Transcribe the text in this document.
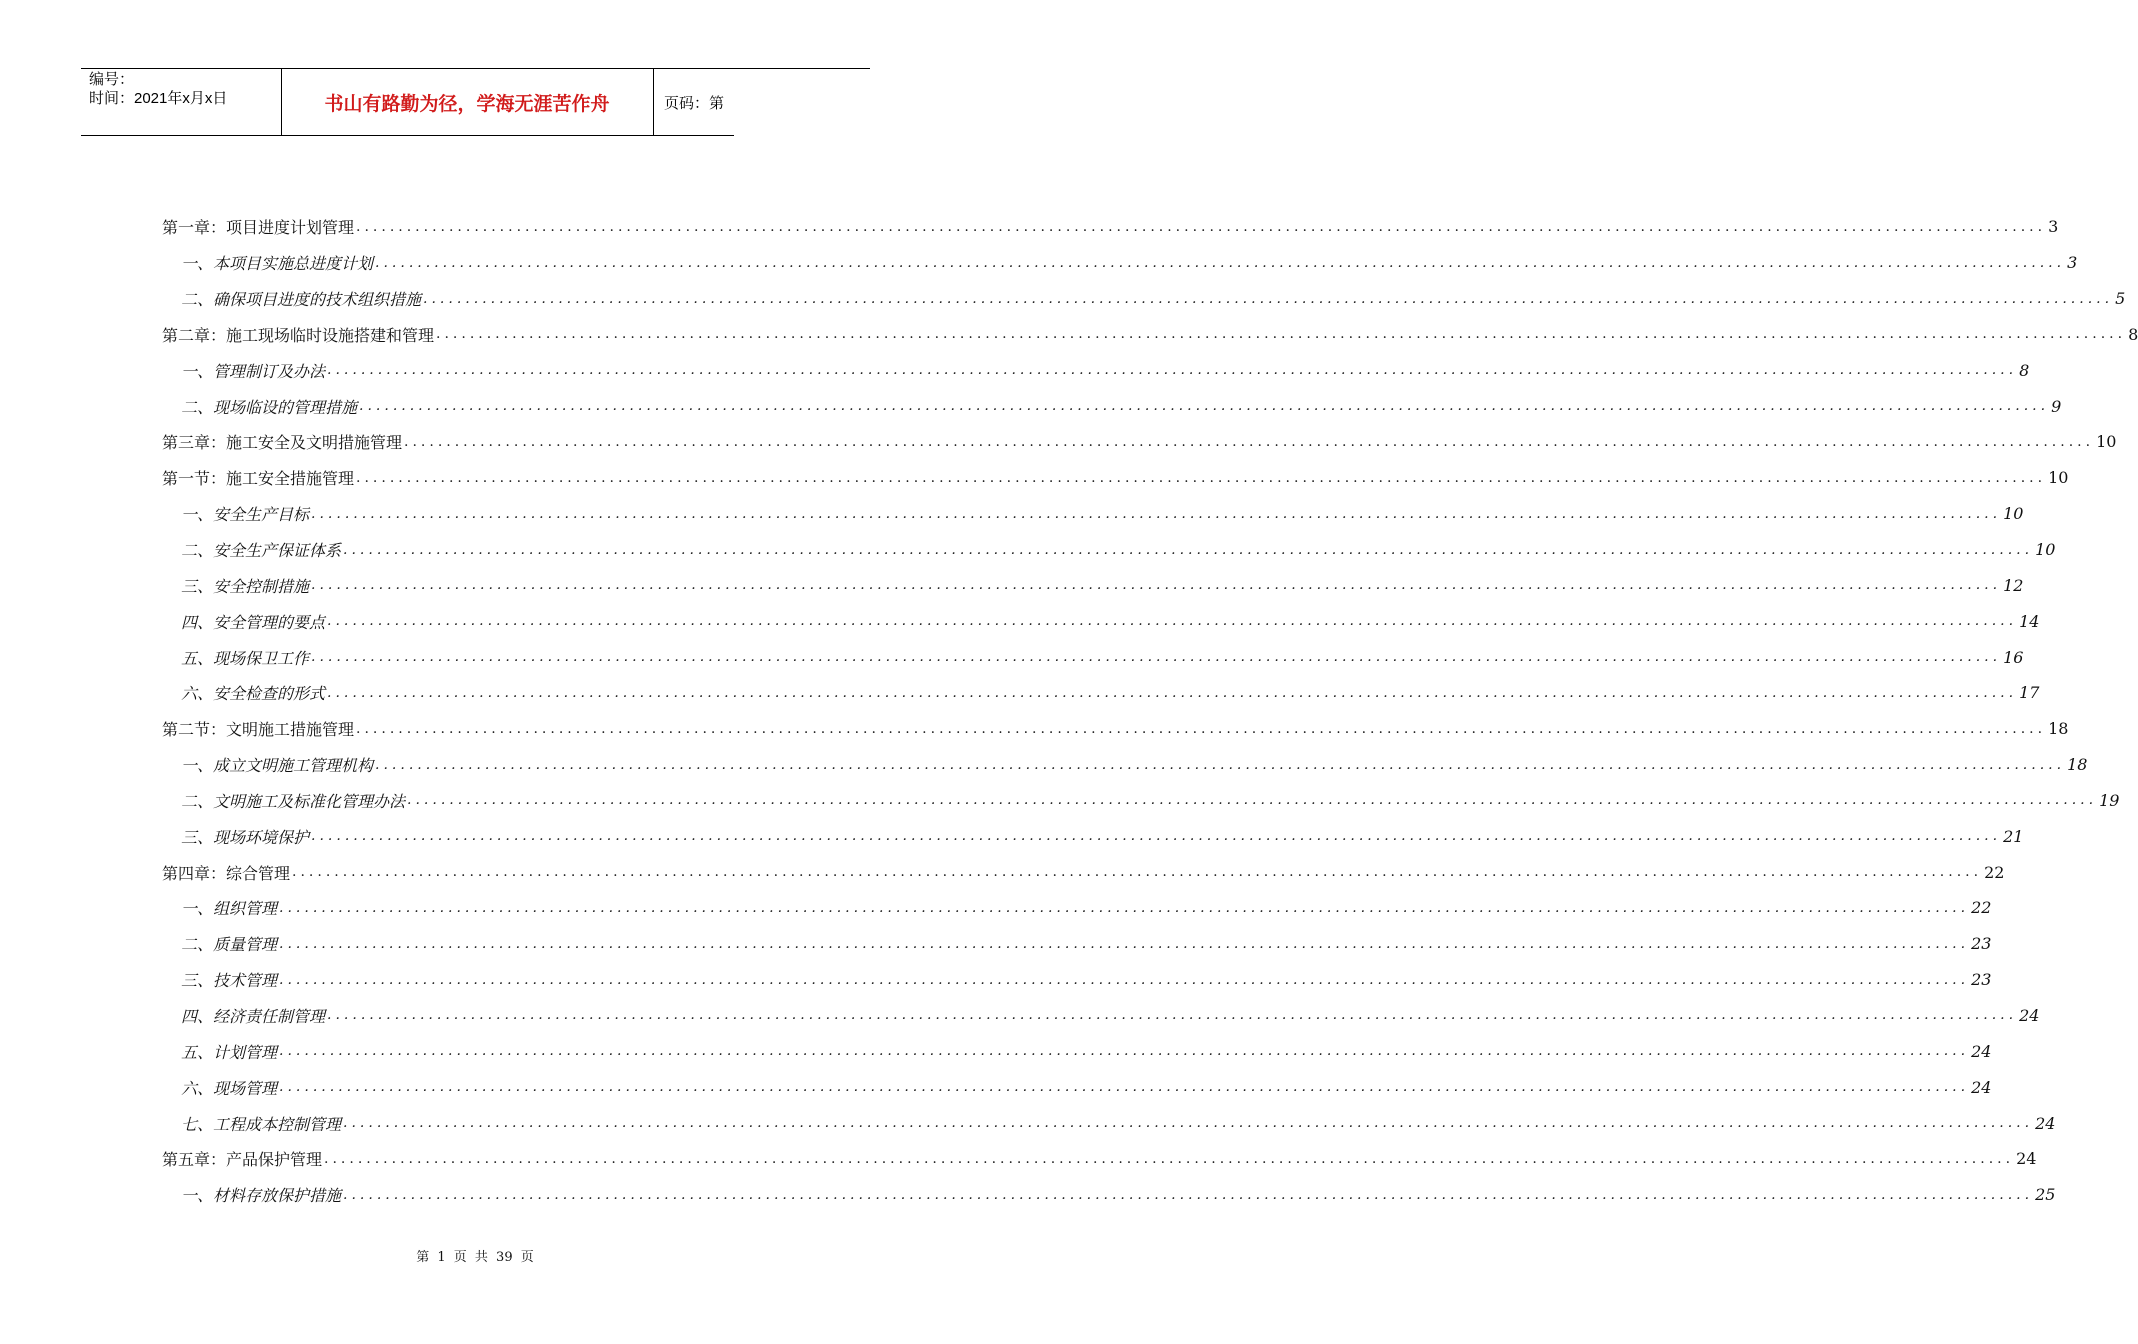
编号：
时间：2021年x月x日	书山有路勤为径，学海无涯苦作舟	页码：第
第一章：项目进度计划管理 ........................................................................................................................................................................................................ 3
一、本项目实施总进度计划 ........................................................................................................................................................................................................ 3
二、确保项目进度的技术组织措施 ........................................................................................................................................................................................................ 5
第二章：施工现场临时设施搭建和管理 ........................................................................................................................................................................................................ 8
一、管理制订及办法 ........................................................................................................................................................................................................ 8
二、现场临设的管理措施 ........................................................................................................................................................................................................ 9
第三章：施工安全及文明措施管理 ........................................................................................................................................................................................................ 10
第一节：施工安全措施管理 ........................................................................................................................................................................................................ 10
一、安全生产目标 ........................................................................................................................................................................................................ 10
二、安全生产保证体系 ........................................................................................................................................................................................................ 10
三、安全控制措施 ........................................................................................................................................................................................................ 12
四、安全管理的要点 ........................................................................................................................................................................................................ 14
五、现场保卫工作 ........................................................................................................................................................................................................ 16
六、安全检查的形式 ........................................................................................................................................................................................................ 17
第二节：文明施工措施管理 ........................................................................................................................................................................................................ 18
一、成立文明施工管理机构 ........................................................................................................................................................................................................ 18
二、文明施工及标准化管理办法 ........................................................................................................................................................................................................ 19
三、现场环境保护 ........................................................................................................................................................................................................ 21
第四章：综合管理 ........................................................................................................................................................................................................ 22
一、组织管理 ........................................................................................................................................................................................................ 22
二、质量管理 ........................................................................................................................................................................................................ 23
三、技术管理 ........................................................................................................................................................................................................ 23
四、经济责任制管理 ........................................................................................................................................................................................................ 24
五、计划管理 ........................................................................................................................................................................................................ 24
六、现场管理 ........................................................................................................................................................................................................ 24
七、工程成本控制管理 ........................................................................................................................................................................................................ 24
第五章：产品保护管理 ........................................................................................................................................................................................................ 24
一、材料存放保护措施 ........................................................................................................................................................................................................ 25
第 1 页 共 39 页
